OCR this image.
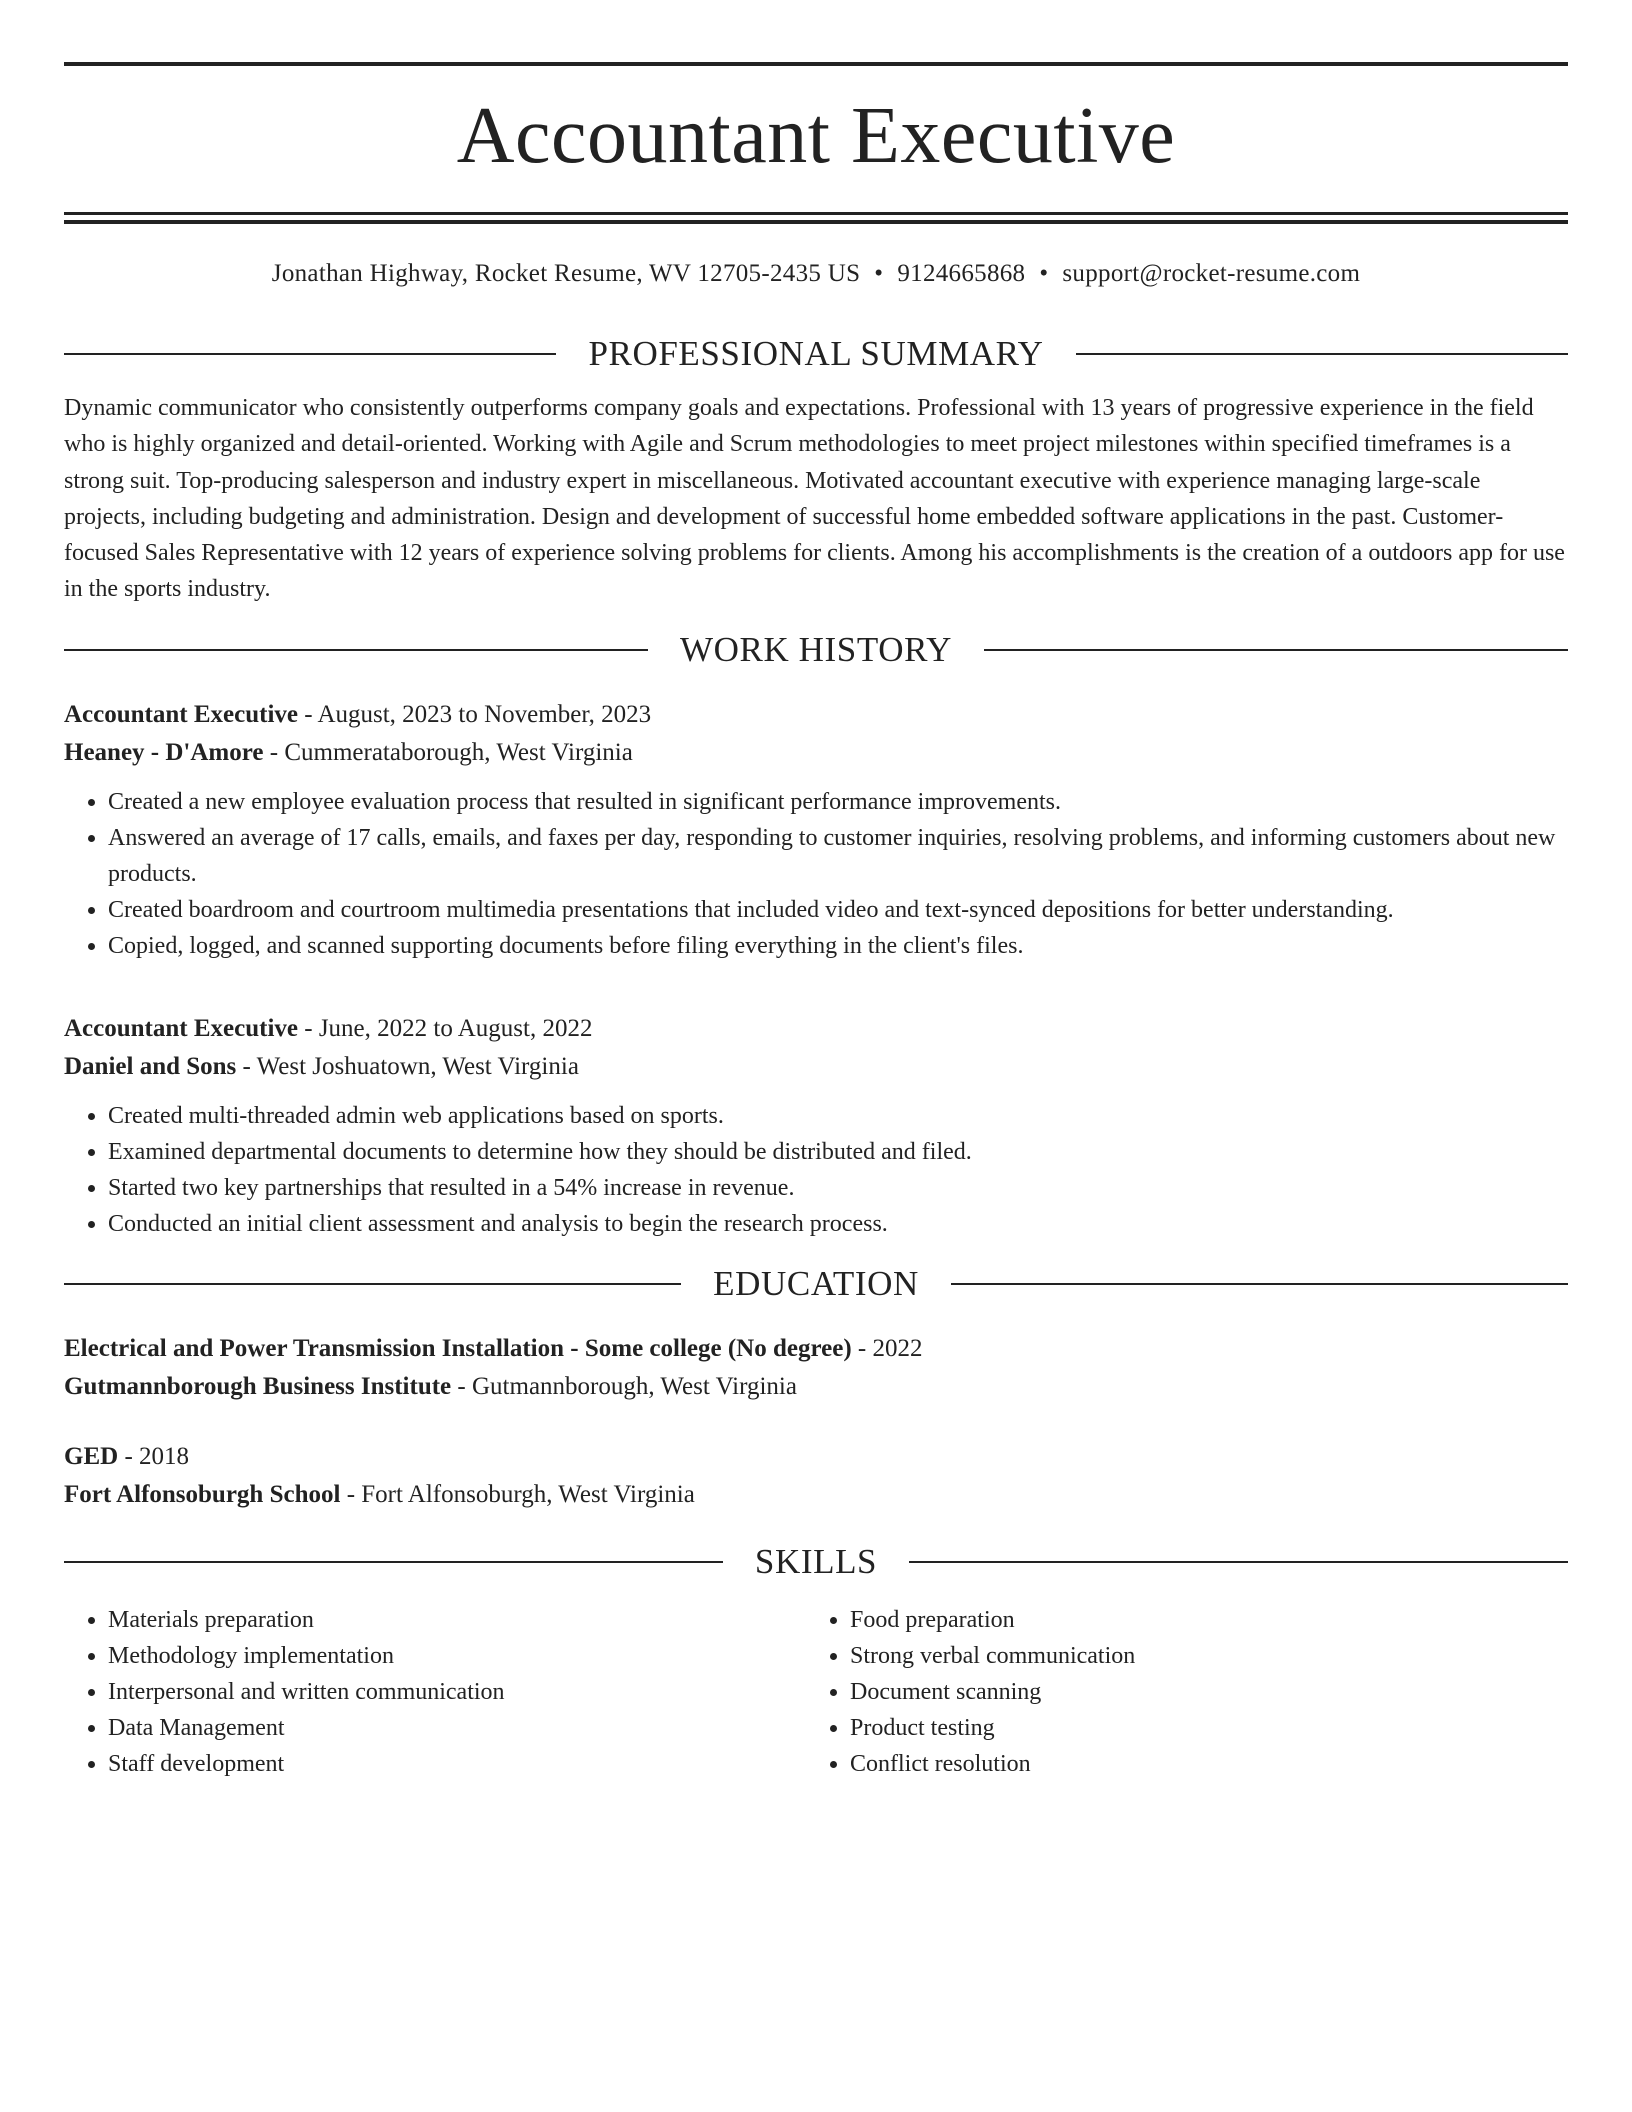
Accountant Executive
Jonathan Highway, Rocket Resume, WV 12705-2435 US • 9124665868 • support@rocket-resume.com
PROFESSIONAL SUMMARY

Dynamic communicator who consistently outperforms company goals and expectations. Professional with 13 years of progressive experience in the field who is highly organized and detail-oriented. Working with Agile and Scrum methodologies to meet project milestones within specified timeframes is a strong suit. Top-producing salesperson and industry expert in miscellaneous. Motivated accountant executive with experience managing large-scale projects, including budgeting and administration. Design and development of successful home embedded software applications in the past. Customer-focused Sales Representative with 12 years of experience solving problems for clients. Among his accomplishments is the creation of a outdoors app for use in the sports industry.

WORK HISTORY
Accountant Executive - August, 2023 to November, 2023
Heaney - D'Amore - Cummerataborough, West Virginia
• Created a new employee evaluation process that resulted in significant performance improvements.
• Answered an average of 17 calls, emails, and faxes per day, responding to customer inquiries, resolving problems, and informing customers about new products.
• Created boardroom and courtroom multimedia presentations that included video and text-synced depositions for better understanding.
• Copied, logged, and scanned supporting documents before filing everything in the client's files.
Accountant Executive - June, 2022 to August, 2022
Daniel and Sons - West Joshuatown, West Virginia
• Created multi-threaded admin web applications based on sports.
• Examined departmental documents to determine how they should be distributed and filed.
• Started two key partnerships that resulted in a 54% increase in revenue.
• Conducted an initial client assessment and analysis to begin the research process.
EDUCATION
Electrical and Power Transmission Installation - Some college (No degree) - 2022
Gutmannborough Business Institute - Gutmannborough, West Virginia
GED - 2018
Fort Alfonsoburgh School - Fort Alfonsoburgh, West Virginia
SKILLS
• Materials preparation
• Methodology implementation
• Interpersonal and written communication
• Data Management
• Staff development
• Food preparation
• Strong verbal communication
• Document scanning
• Product testing
• Conflict resolution
